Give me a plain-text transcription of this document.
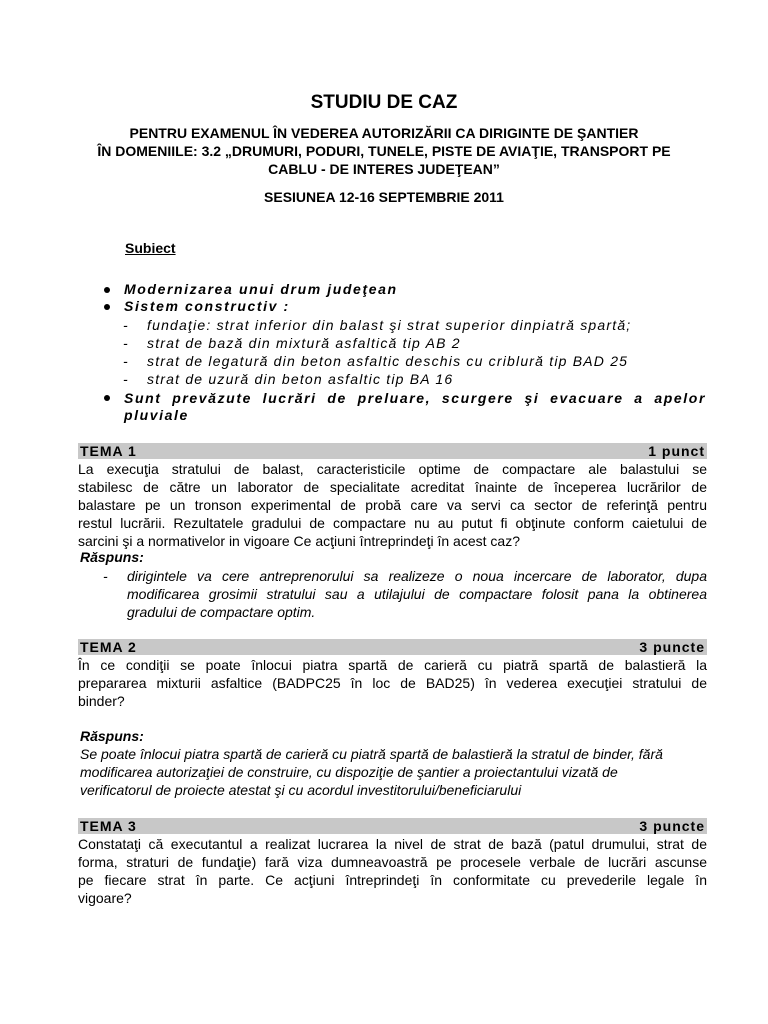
STUDIU DE CAZ
PENTRU EXAMENUL ÎN VEDEREA AUTORIZĂRII CA DIRIGINTE DE ŞANTIER
ÎN DOMENIILE: 3.2 „DRUMURI, PODURI, TUNELE, PISTE DE AVIAŢIE, TRANSPORT PE
CABLU - DE INTERES JUDEŢEAN”
SESIUNEA 12-16 SEPTEMBRIE 2011
Subiect
Modernizarea unui drum judeţean
Sistem constructiv :
- fundaţie: strat inferior din balast şi strat superior dinpiatră spartă;
- strat de bază din mixtură asfaltică tip AB 2
- strat de legatură din beton asfaltic deschis cu criblură tip BAD 25
- strat de uzură din beton asfaltic tip BA 16
Sunt prevăzute lucrări de preluare, scurgere şi evacuare a apelor
pluviale
TEMA 1	1 punct
La execuţia stratului de balast, caracteristicile optime de compactare ale balastului se
stabilesc de către un laborator de specialitate acreditat înainte de începerea lucrărilor de
balastare pe un tronson experimental de probă care va servi ca sector de referinţă pentru
restul lucrării. Rezultatele gradului de compactare nu au putut fi obţinute conform caietului de
sarcini şi a normativelor in vigoare Ce acţiuni întreprindeţi în acest caz?
Răspuns:
- dirigintele va cere antreprenorului sa realizeze o noua incercare de laborator, dupa
modificarea grosimii stratului sau a utilajului de compactare folosit pana la obtinerea
gradului de compactare optim.
TEMA 2	3 puncte
În ce condiţii se poate înlocui piatra spartă de carieră cu piatră spartă de balastieră la
prepararea mixturii asfaltice (BADPC25 în loc de BAD25) în vederea execuţiei stratului de
binder?
Răspuns:
Se poate înlocui piatra spartă de carieră cu piatră spartă de balastieră la stratul de binder, fără
modificarea autorizaţiei de construire, cu dispoziţie de şantier a proiectantului vizată de
verificatorul de proiecte atestat şi cu acordul investitorului/beneficiarului
TEMA 3	3 puncte
Constataţi că executantul a realizat lucrarea la nivel de strat de bază (patul drumului, strat de
forma, straturi de fundaţie) fară viza dumneavoastră pe procesele verbale de lucrări ascunse
pe fiecare strat în parte. Ce acţiuni întreprindeţi în conformitate cu prevederile legale în
vigoare?
